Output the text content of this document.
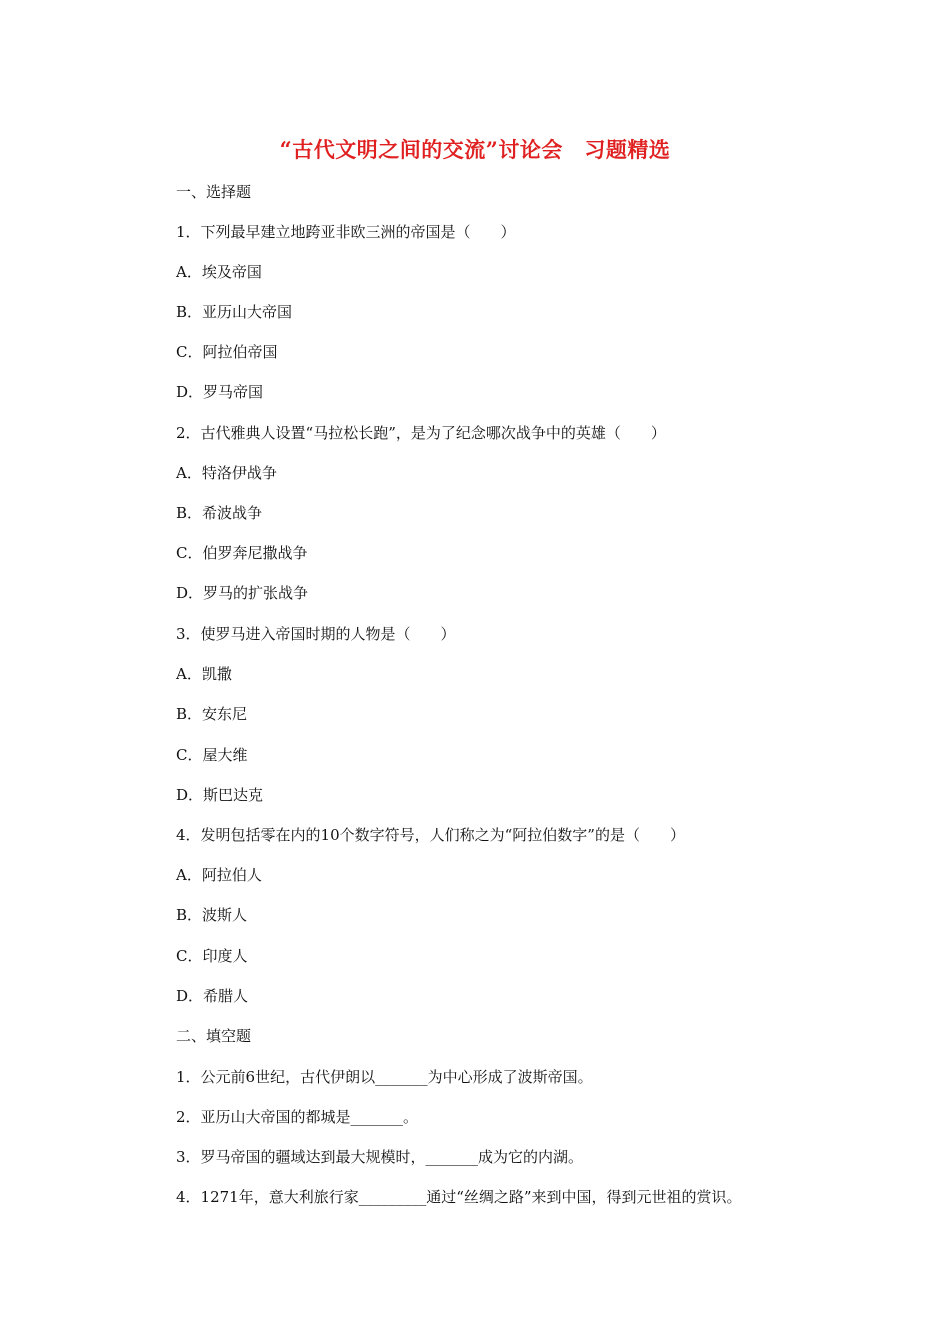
“古代文明之间的交流”讨论会　习题精选
一、选择题
1．下列最早建立地跨亚非欧三洲的帝国是（　　）
A．埃及帝国
B．亚历山大帝国
C．阿拉伯帝国
D．罗马帝国
2．古代雅典人设置“马拉松长跑”，是为了纪念哪次战争中的英雄（　　）
A．特洛伊战争
B．希波战争
C．伯罗奔尼撒战争
D．罗马的扩张战争
3．使罗马进入帝国时期的人物是（　　）
A．凯撒
B．安东尼
C．屋大维
D．斯巴达克
4．发明包括零在内的10个数字符号，人们称之为“阿拉伯数字”的是（　　）
A．阿拉伯人
B．波斯人
C．印度人
D．希腊人
二、填空题
1．公元前6世纪，古代伊朗以_______为中心形成了波斯帝国。
2．亚历山大帝国的都城是_______。
3．罗马帝国的疆域达到最大规模时，_______成为它的内湖。
4．1271年，意大利旅行家_________通过“丝绸之路”来到中国，得到元世祖的赏识。
